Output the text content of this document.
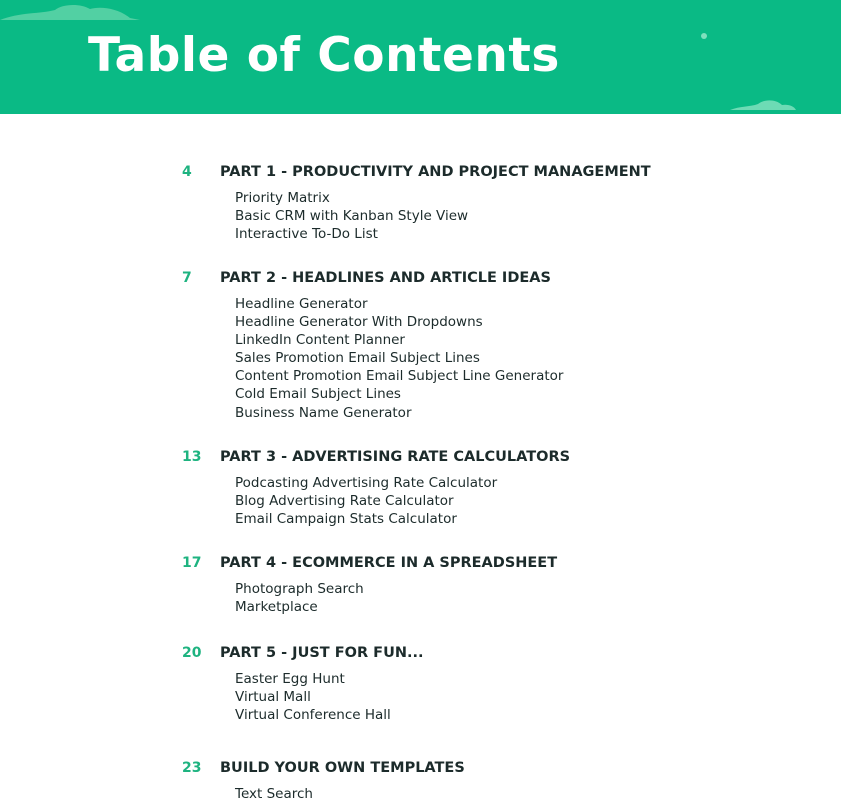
Table of Contents
4	PART 1 - PRODUCTIVITY AND PROJECT MANAGEMENT
Priority Matrix
Basic CRM with Kanban Style View
Interactive To-Do List
7	PART 2 - HEADLINES AND ARTICLE IDEAS
Headline Generator
Headline Generator With Dropdowns
LinkedIn Content Planner
Sales Promotion Email Subject Lines
Content Promotion Email Subject Line Generator
Cold Email Subject Lines
Business Name Generator
13	PART 3 - ADVERTISING RATE CALCULATORS
Podcasting Advertising Rate Calculator
Blog Advertising Rate Calculator
Email Campaign Stats Calculator
17	PART 4 - ECOMMERCE IN A SPREADSHEET
Photograph Search
Marketplace
20	PART 5 - JUST FOR FUN...
Easter Egg Hunt
Virtual Mall
Virtual Conference Hall
23	BUILD YOUR OWN TEMPLATES
Text Search
